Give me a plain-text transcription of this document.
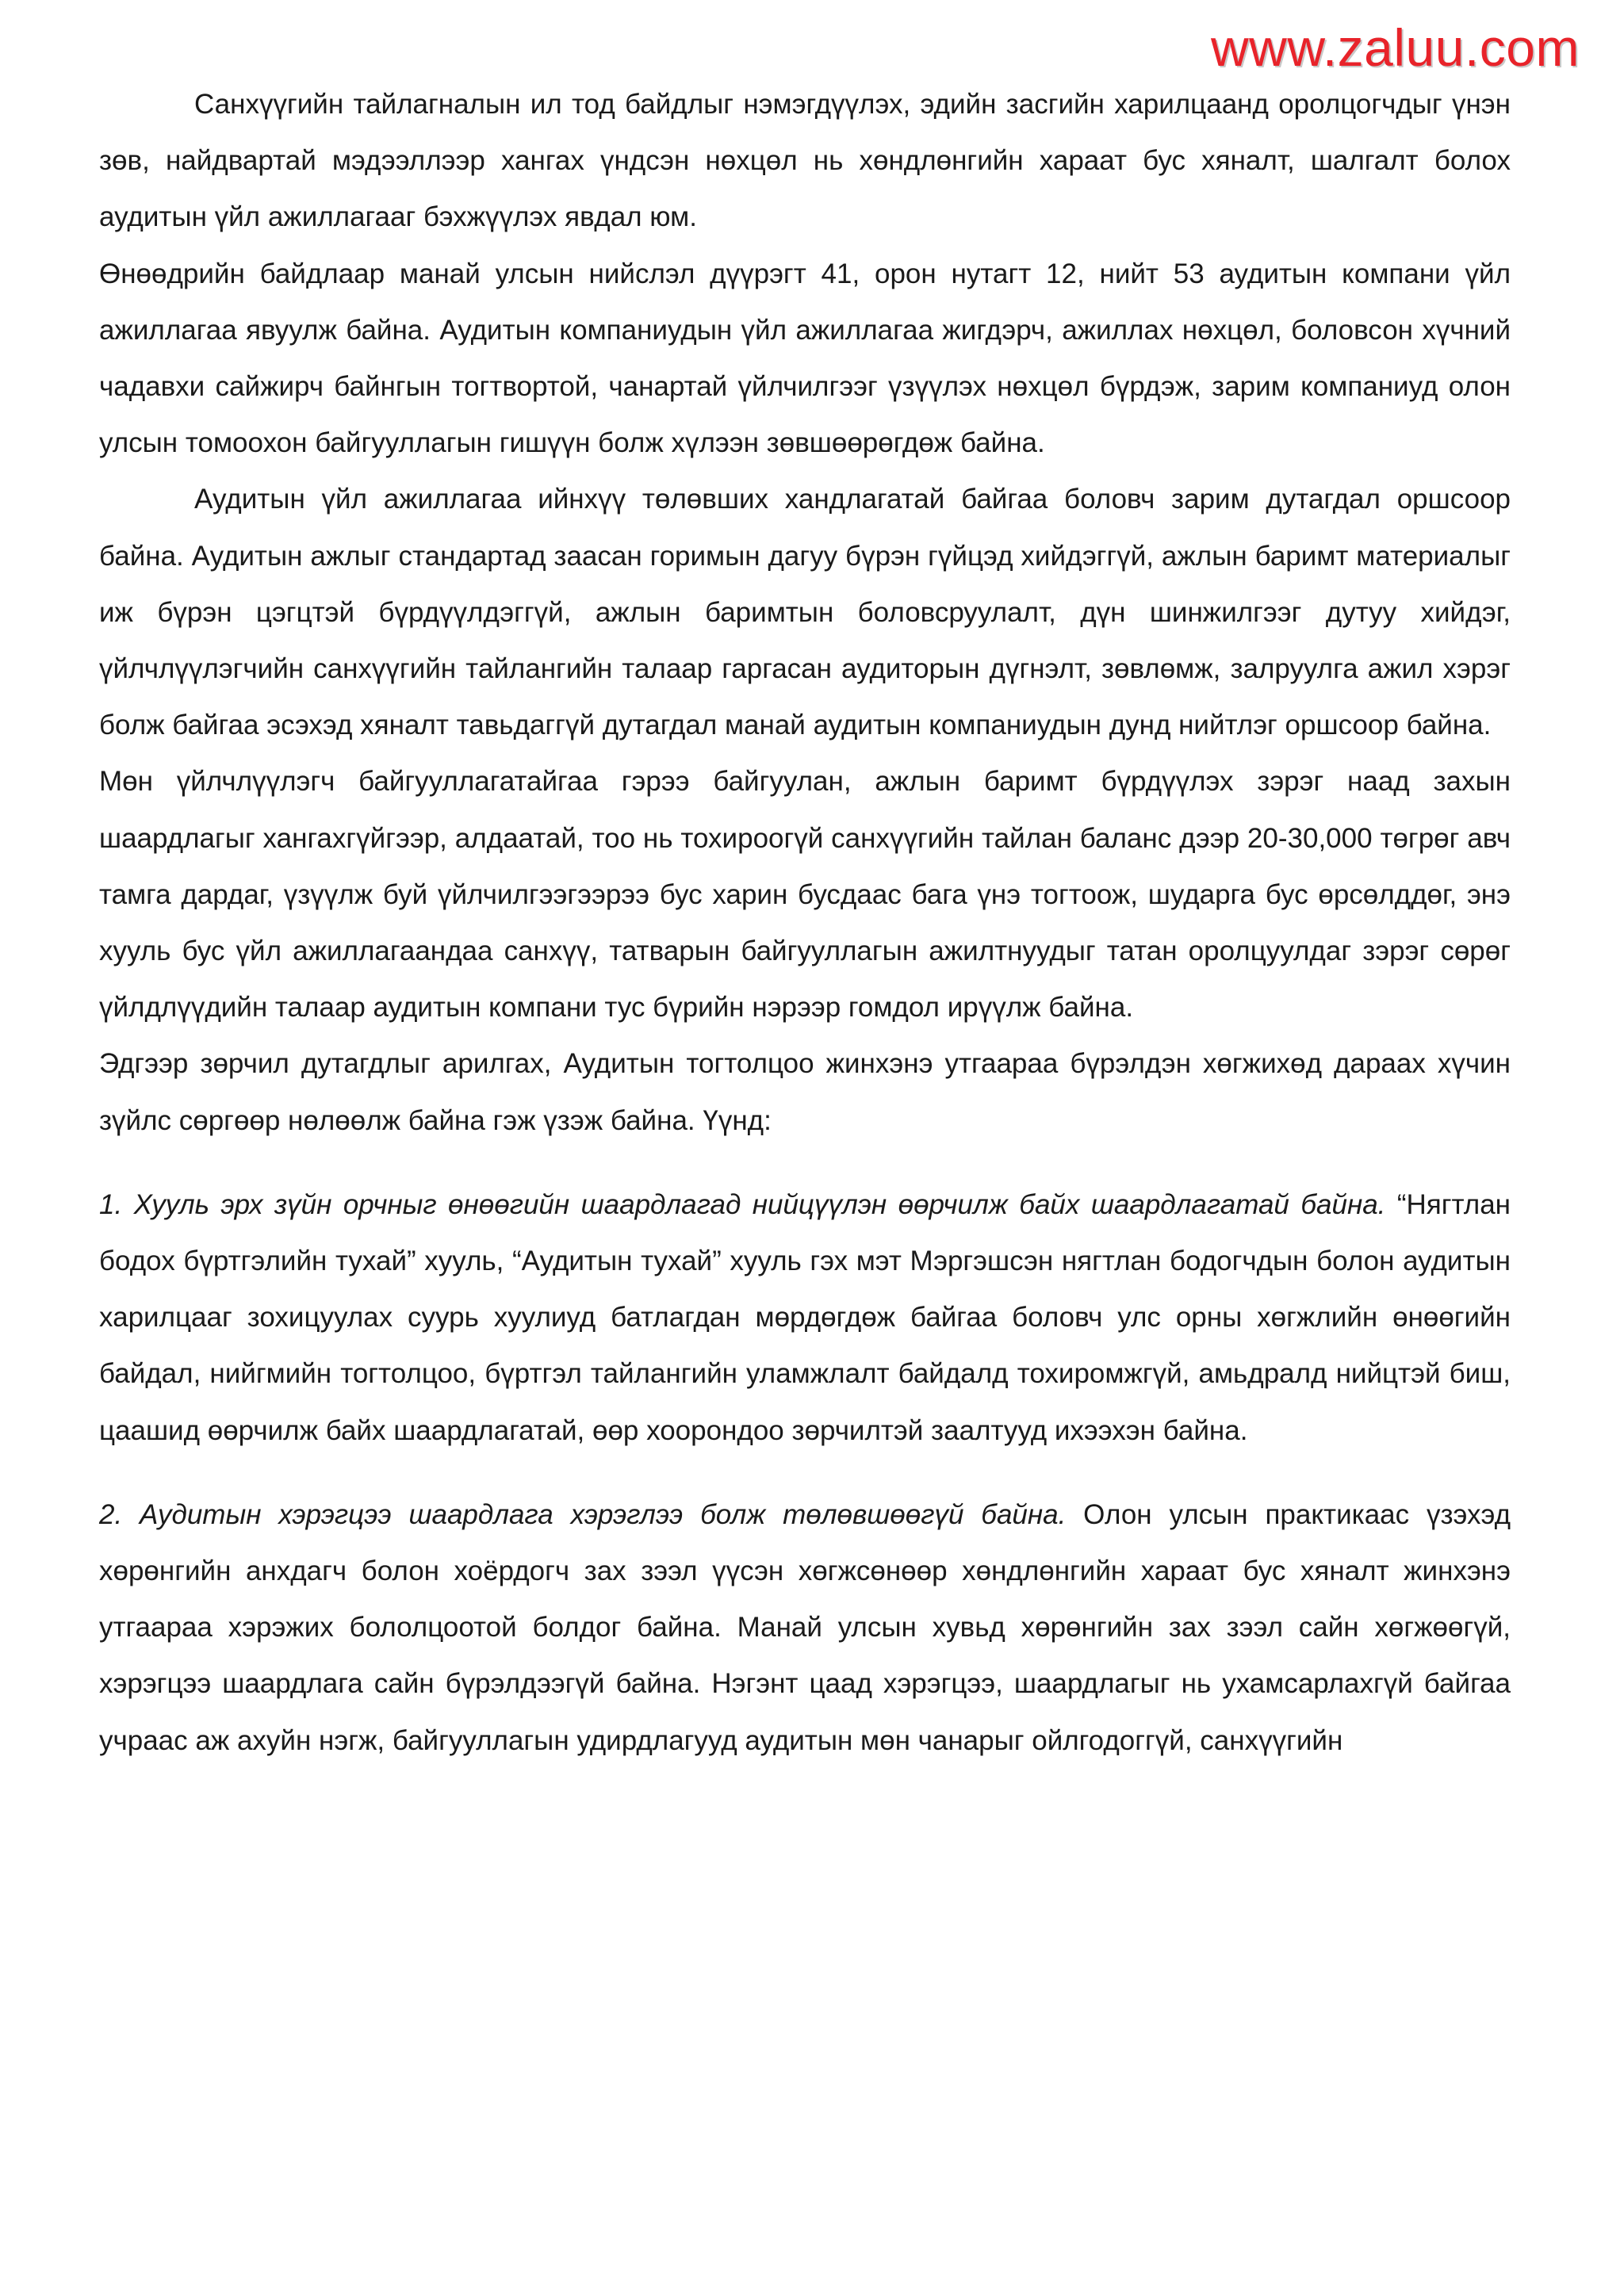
www.zaluu.com

Санхүүгийн тайлагналын ил тод байдлыг нэмэгдүүлэх, эдийн засгийн харилцаанд оролцогчдыг үнэн зөв, найдвартай мэдээллээр хангах үндсэн нөхцөл нь хөндлөнгийн хараат бус хяналт, шалгалт болох аудитын үйл ажиллагааг бэхжүүлэх явдал юм.

Өнөөдрийн байдлаар манай улсын нийслэл дүүрэгт 41, орон нутагт 12, нийт 53 аудитын компани үйл ажиллагаа явуулж байна. Аудитын компаниудын үйл ажиллагаа жигдэрч, ажиллах нөхцөл, боловсон хүчний чадавхи сайжирч байнгын тогтвортой, чанартай үйлчилгээг үзүүлэх нөхцөл бүрдэж, зарим компаниуд олон улсын томоохон байгууллагын гишүүн болж хүлээн зөвшөөрөгдөж байна.

Аудитын үйл ажиллагаа ийнхүү төлөвших хандлагатай байгаа боловч зарим дутагдал оршсоор байна. Аудитын ажлыг стандартад заасан горимын дагуу бүрэн гүйцэд хийдэггүй, ажлын баримт материалыг иж бүрэн цэгцтэй бүрдүүлдэггүй, ажлын баримтын боловсруулалт, дүн шинжилгээг дутуу хийдэг, үйлчлүүлэгчийн санхүүгийн тайлангийн талаар гаргасан аудиторын дүгнэлт, зөвлөмж, залруулга ажил хэрэг болж байгаа эсэхэд хяналт тавьдаггүй дутагдал манай аудитын компаниудын дунд нийтлэг оршсоор байна.

Мөн үйлчлүүлэгч байгууллагатайгаа гэрээ байгуулан, ажлын баримт бүрдүүлэх зэрэг наад захын шаардлагыг хангахгүйгээр, алдаатай, тоо нь тохироогүй санхүүгийн тайлан баланс дээр 20-30,000 төгрөг авч тамга дардаг, үзүүлж буй үйлчилгээгээрээ бус харин бусдаас бага үнэ тогтоож, шударга бус өрсөлддөг, энэ хууль бус үйл ажиллагаандаа санхүү, татварын байгууллагын ажилтнуудыг татан оролцуулдаг зэрэг сөрөг үйлдлүүдийн талаар аудитын компани тус бүрийн нэрээр гомдол ирүүлж байна.

Эдгээр зөрчил дутагдлыг арилгах, Аудитын тогтолцоо жинхэнэ утгаараа бүрэлдэн хөгжихөд дараах хүчин зүйлс сөргөөр нөлөөлж байна гэж үзэж байна. Үүнд:

1. Хууль эрх зүйн орчныг өнөөгийн шаардлагад нийцүүлэн өөрчилж байх шаардлагатай байна. “Нягтлан бодох бүртгэлийн тухай” хууль, “Аудитын тухай” хууль гэх мэт Мэргэшсэн нягтлан бодогчдын болон аудитын харилцааг зохицуулах суурь хуулиуд батлагдан мөрдөгдөж байгаа боловч улс орны хөгжлийн өнөөгийн байдал, нийгмийн тогтолцоо, бүртгэл тайлангийн уламжлалт байдалд тохиромжгүй, амьдралд нийцтэй биш, цаашид өөрчилж байх шаардлагатай, өөр хоорондоо зөрчилтэй заалтууд ихээхэн байна.

2. Аудитын хэрэгцээ шаардлага хэрэглээ болж төлөвшөөгүй байна. Олон улсын практикаас үзэхэд хөрөнгийн анхдагч болон хоёрдогч зах зээл үүсэн хөгжсөнөөр хөндлөнгийн хараат бус хяналт жинхэнэ утгаараа хэрэжих бололцоотой болдог байна. Манай улсын хувьд хөрөнгийн зах зээл сайн хөгжөөгүй, хэрэгцээ шаардлага сайн бүрэлдээгүй байна. Нэгэнт цаад хэрэгцээ, шаардлагыг нь ухамсарлахгүй байгаа учраас аж ахуйн нэгж, байгууллагын удирдлагууд аудитын мөн чанарыг ойлгодоггүй, санхүүгийн
